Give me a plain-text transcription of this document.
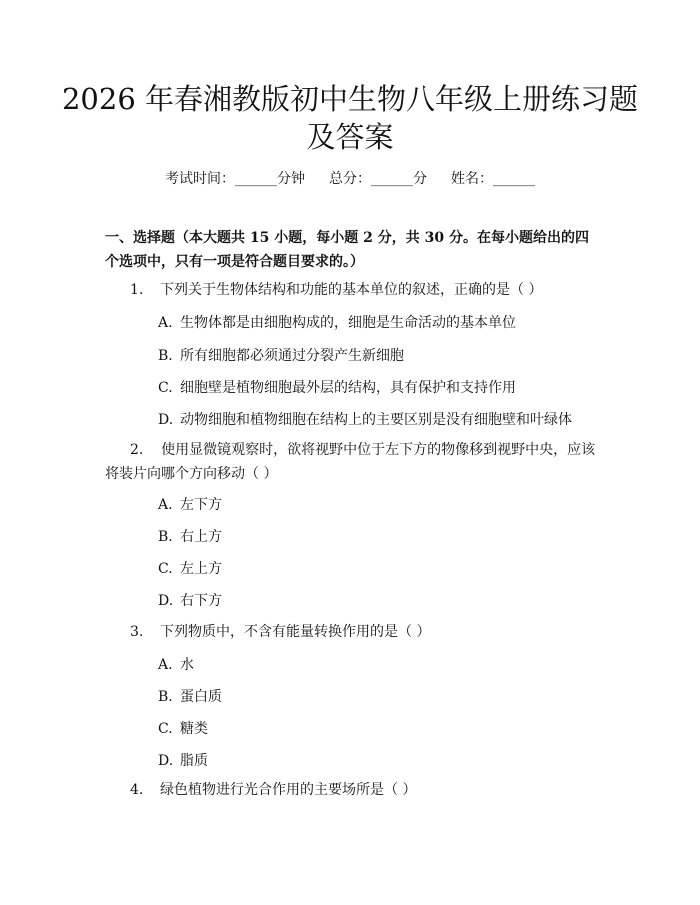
2026 年春湘教版初中生物八年级上册练习题
及答案
考试时间：______分钟 总分：______分 姓名：______
一、选择题（本大题共 15 小题，每小题 2 分，共 30 分。在每小题给出的四个选项中，只有一项是符合题目要求的。）
1. 下列关于生物体结构和功能的基本单位的叙述，正确的是（ ）
A. 生物体都是由细胞构成的，细胞是生命活动的基本单位
B. 所有细胞都必须通过分裂产生新细胞
C. 细胞壁是植物细胞最外层的结构，具有保护和支持作用
D. 动物细胞和植物细胞在结构上的主要区别是没有细胞壁和叶绿体
2. 使用显微镜观察时，欲将视野中位于左下方的物像移到视野中央，应该将装片向哪个方向移动（ ）
A. 左下方
B. 右上方
C. 左上方
D. 右下方
3. 下列物质中，不含有能量转换作用的是（ ）
A. 水
B. 蛋白质
C. 糖类
D. 脂质
4. 绿色植物进行光合作用的主要场所是（ ）
